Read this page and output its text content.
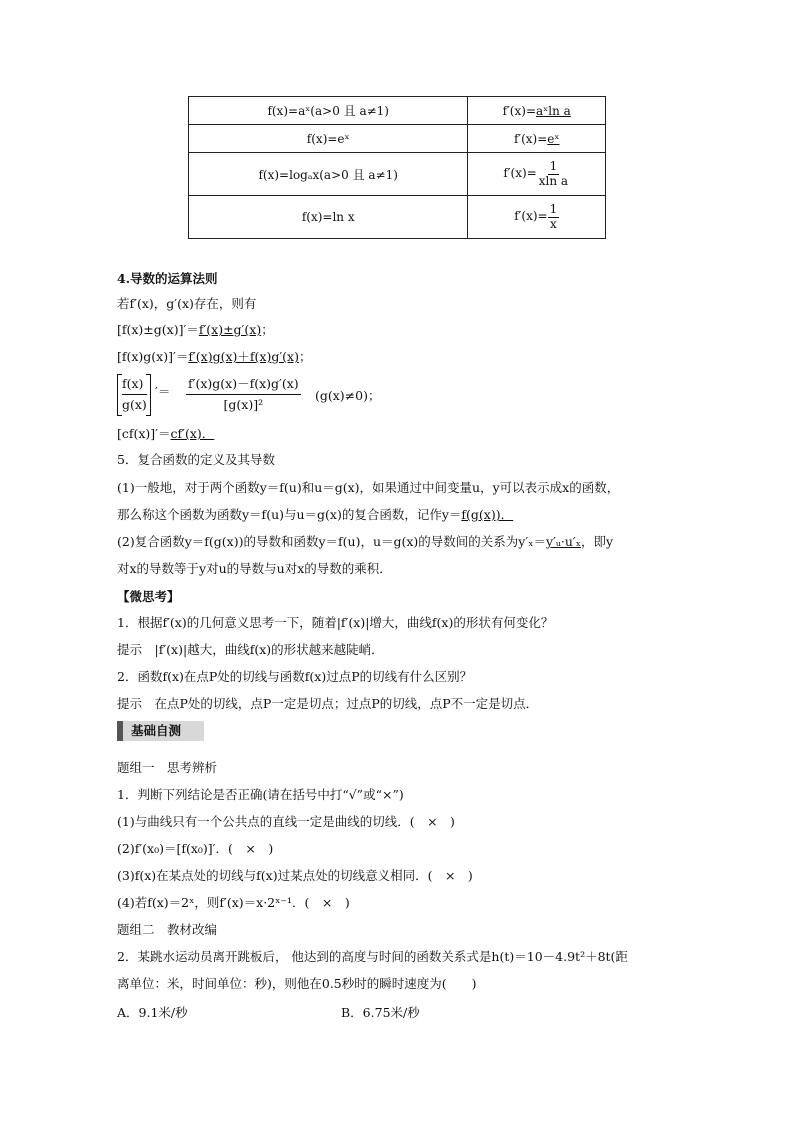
f(x)=aˣ(a>0 且 a≠1)	f′(x)=aˣln a
f(x)=eˣ	f′(x)=eˣ
f(x)=logₐx(a>0 且 a≠1)	$f'(x)= \frac{1}{\text{xln a}}$

f(x)=ln x	$f'(x)= \frac{1}{x}$
4.导数的运算法则
若f′(x)，g′(x)存在，则有
[f(x)±g(x)]′＝f′(x)±g′(x)；
[f(x)g(x)]′＝f′(x)g(x)＋f(x)g′(x)；
$\frac{f(x)}{g(x)}$ ′＝ $\frac{f'(x)g(x)-f(x)g'(x)}{\text{[g(x)]²}} (g(x)\ne 0)$；
[cf(x)]′＝cf′(x)．
5．复合函数的定义及其导数
(1)一般地，对于两个函数y＝f(u)和u＝g(x)，如果通过中间变量u，y可以表示成x的函数，
那么称这个函数为函数y＝f(u)与u＝g(x)的复合函数，记作y＝f(g(x))．
(2)复合函数y＝f(g(x))的导数和函数y＝f(u)，u＝g(x)的导数间的关系为y′ₓ＝y′ᵤ·u′ₓ，即y
对x的导数等于y对u的导数与u对x的导数的乘积．
【微思考】
1．根据f′(x)的几何意义思考一下，随着|f′(x)|增大，曲线f(x)的形状有何变化？
提示　|f′(x)|越大，曲线f(x)的形状越来越陡峭．
2．函数f(x)在点P处的切线与函数f(x)过点P的切线有什么区别？
提示　在点P处的切线，点P一定是切点；过点P的切线，点P不一定是切点．
基础自测
题组一　思考辨析
1．判断下列结论是否正确(请在括号中打“√”或“×”)
(1)与曲线只有一个公共点的直线一定是曲线的切线．(　×　)
(2)f′(x₀)＝[f(x₀)]′．(　×　)
(3)f(x)在某点处的切线与f(x)过某点处的切线意义相同．(　×　)
(4)若f(x)＝2ˣ，则f′(x)＝x·2ˣ⁻¹．(　×　)
题组二　教材改编
2．某跳水运动员离开跳板后， 他达到的高度与时间的函数关系式是h(t)＝10－4.9t²＋8t(距
离单位：米，时间单位：秒)，则他在0.5秒时的瞬时速度为(　　)
A．9.1米/秒	B．6.75米/秒
